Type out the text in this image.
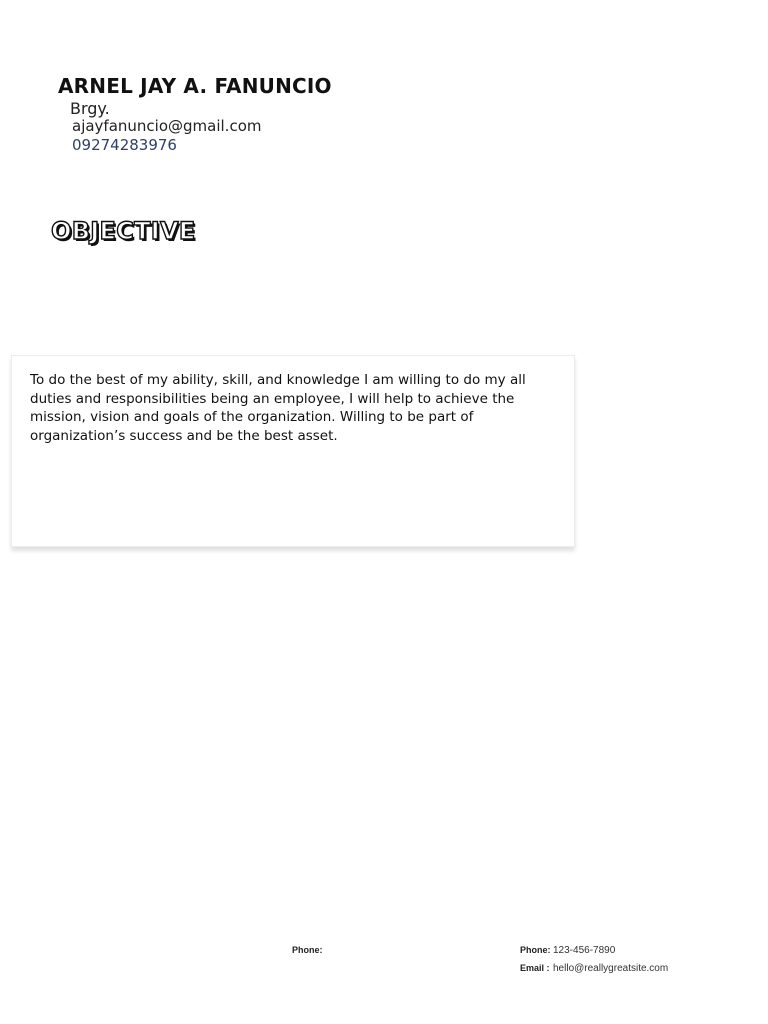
ARNEL JAY A. FANUNCIO
Brgy.
ajayfanuncio@gmail.com
09274283976
OBJECTIVE
To do the best of my ability, skill, and knowledge I am willing to do my all duties and responsibilities being an employee, I will help to achieve the mission, vision and goals of the organization. Willing to be part of organization’s success and be the best asset.
Phone:	Phone: 123-456-7890
Email : hello@reallygreatsite.com
